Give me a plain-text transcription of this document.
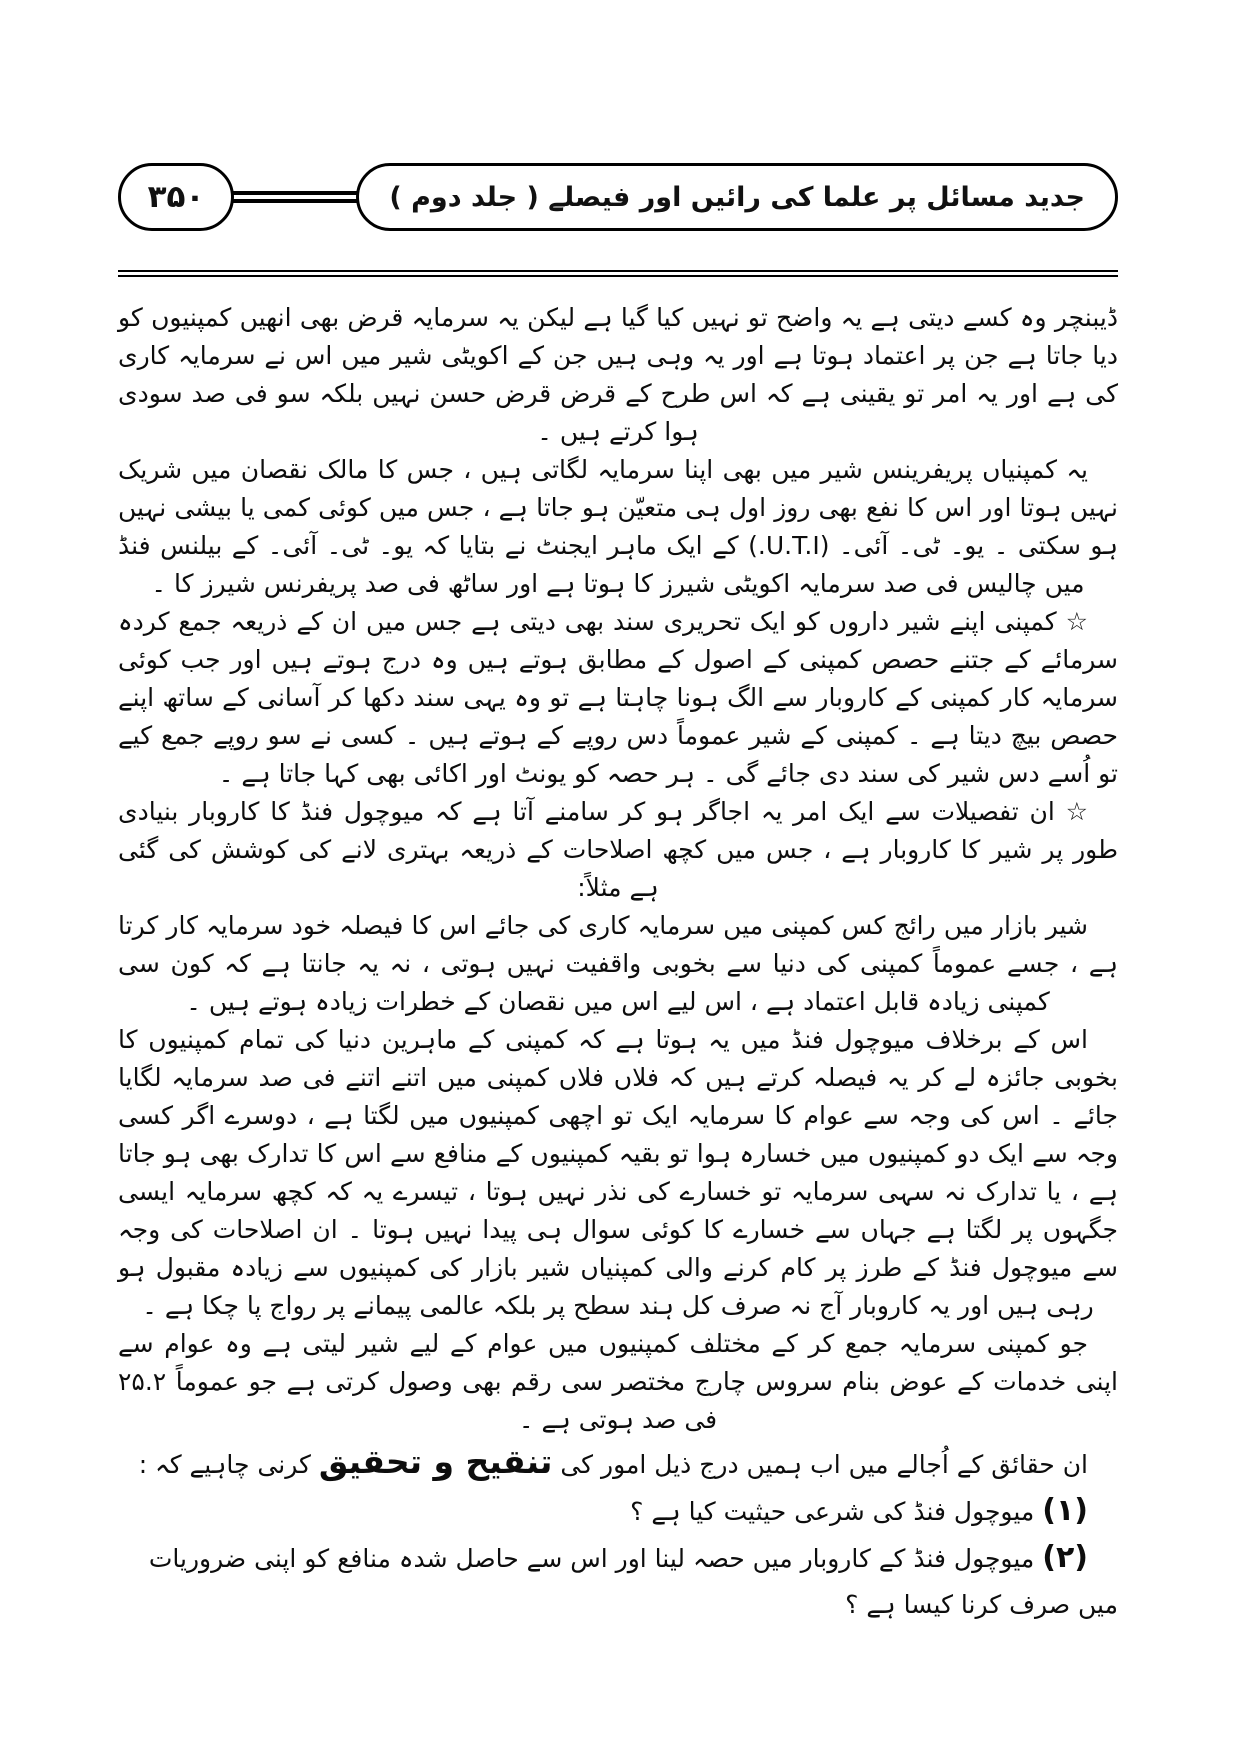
۳۵۰	جدید مسائل پر علما کی رائیں اور فیصلے ( جلد دوم )

ڈیبنچر وہ کسے دیتی ہے یہ واضح تو نہیں کیا گیا ہے لیکن یہ سرمایہ قرض بھی انھیں کمپنیوں کو دیا جاتا ہے جن پر اعتماد ہوتا ہے اور یہ وہی ہیں جن کے اکویٹی شیر میں اس نے سرمایہ کاری کی ہے اور یہ امر تو یقینی ہے کہ اس طرح کے قرض قرض حسن نہیں بلکہ سو فی صد سودی ہوا کرتے ہیں ۔

یہ کمپنیاں پریفرینس شیر میں بھی اپنا سرمایہ لگاتی ہیں ، جس کا مالک نقصان میں شریک نہیں ہوتا اور اس کا نفع بھی روز اول ہی متعیّن ہو جاتا ہے ، جس میں کوئی کمی یا بیشی نہیں ہو سکتی ۔ یو۔ ٹی۔ آئی۔ (U.T.I.) کے ایک ماہر ایجنٹ نے بتایا کہ یو۔ ٹی۔ آئی۔ کے بیلنس فنڈ میں چالیس فی صد سرمایہ اکویٹی شیرز کا ہوتا ہے اور ساٹھ فی صد پریفرنس شیرز کا ۔

☆ کمپنی اپنے شیر داروں کو ایک تحریری سند بھی دیتی ہے جس میں ان کے ذریعہ جمع کردہ سرمائے کے جتنے حصص کمپنی کے اصول کے مطابق ہوتے ہیں وہ درج ہوتے ہیں اور جب کوئی سرمایہ کار کمپنی کے کاروبار سے الگ ہونا چاہتا ہے تو وہ یہی سند دکھا کر آسانی کے ساتھ اپنے حصص بیچ دیتا ہے ۔ کمپنی کے شیر عموماً دس روپے کے ہوتے ہیں ۔ کسی نے سو روپے جمع کیے تو اُسے دس شیر کی سند دی جائے گی ۔ ہر حصہ کو یونٹ اور اکائی بھی کہا جاتا ہے ۔

☆ ان تفصیلات سے ایک امر یہ اجاگر ہو کر سامنے آتا ہے کہ میوچول فنڈ کا کاروبار بنیادی طور پر شیر کا کاروبار ہے ، جس میں کچھ اصلاحات کے ذریعہ بہتری لانے کی کوشش کی گئی ہے مثلاً:

شیر بازار میں رائج کس کمپنی میں سرمایہ کاری کی جائے اس کا فیصلہ خود سرمایہ کار کرتا ہے ، جسے عموماً کمپنی کی دنیا سے بخوبی واقفیت نہیں ہوتی ، نہ یہ جانتا ہے کہ کون سی کمپنی زیادہ قابل اعتماد ہے ، اس لیے اس میں نقصان کے خطرات زیادہ ہوتے ہیں ۔

اس کے برخلاف میوچول فنڈ میں یہ ہوتا ہے کہ کمپنی کے ماہرین دنیا کی تمام کمپنیوں کا بخوبی جائزہ لے کر یہ فیصلہ کرتے ہیں کہ فلاں فلاں کمپنی میں اتنے اتنے فی صد سرمایہ لگایا جائے ۔ اس کی وجہ سے عوام کا سرمایہ ایک تو اچھی کمپنیوں میں لگتا ہے ، دوسرے اگر کسی وجہ سے ایک دو کمپنیوں میں خسارہ ہوا تو بقیہ کمپنیوں کے منافع سے اس کا تدارک بھی ہو جاتا ہے ، یا تدارک نہ سہی سرمایہ تو خسارے کی نذر نہیں ہوتا ، تیسرے یہ کہ کچھ سرمایہ ایسی جگہوں پر لگتا ہے جہاں سے خسارے کا کوئی سوال ہی پیدا نہیں ہوتا ۔ ان اصلاحات کی وجہ سے میوچول فنڈ کے طرز پر کام کرنے والی کمپنیاں شیر بازار کی کمپنیوں سے زیادہ مقبول ہو رہی ہیں اور یہ کاروبار آج نہ صرف کل ہند سطح پر بلکہ عالمی پیمانے پر رواج پا چکا ہے ۔

جو کمپنی سرمایہ جمع کر کے مختلف کمپنیوں میں عوام کے لیے شیر لیتی ہے وہ عوام سے اپنی خدمات کے عوض بنام سروس چارج مختصر سی رقم بھی وصول کرتی ہے جو عموماً ۲۵.۲ فی صد ہوتی ہے ۔

ان حقائق کے اُجالے میں اب ہمیں درج ذیل امور کی تنقیح و تحقیق کرنی چاہیے کہ :

(۱) میوچول فنڈ کی شرعی حیثیت کیا ہے ؟

(۲) میوچول فنڈ کے کاروبار میں حصہ لینا اور اس سے حاصل شدہ منافع کو اپنی ضروریات میں صرف کرنا کیسا ہے ؟
